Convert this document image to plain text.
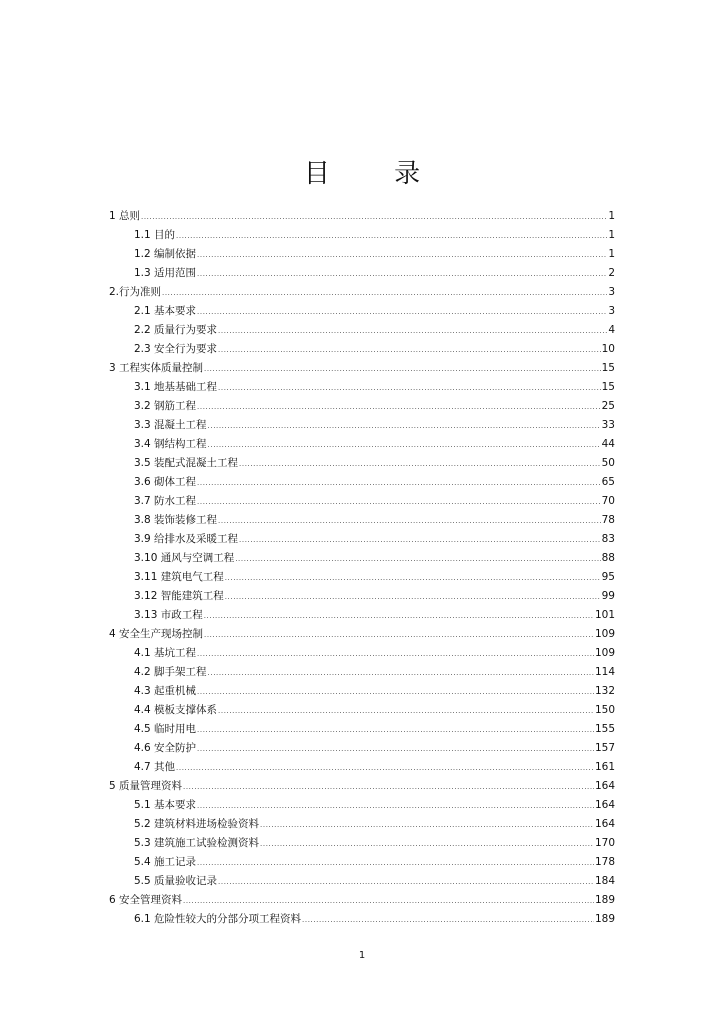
目 录
1 总则 .....	1
1.1 目的 .....	1
1.2 编制依据 .....	1
1.3 适用范围 .....	2
2.行为准则 .....	3
2.1 基本要求 .....	3
2.2 质量行为要求 .....	4
2.3 安全行为要求 .....	10
3 工程实体质量控制 .....	15
3.1 地基基础工程 .....	15
3.2 钢筋工程 .....	25
3.3 混凝土工程 .....	33
3.4 钢结构工程 .....	44
3.5 装配式混凝土工程 .....	50
3.6 砌体工程 .....	65
3.7 防水工程 .....	70
3.8 装饰装修工程 .....	78
3.9 给排水及采暖工程 .....	83
3.10 通风与空调工程 .....	88
3.11 建筑电气工程 .....	95
3.12 智能建筑工程 .....	99
3.13 市政工程 .....	101
4 安全生产现场控制 .....	109
4.1 基坑工程 .....	109
4.2 脚手架工程 .....	114
4.3 起重机械 .....	132
4.4 模板支撑体系 .....	150
4.5 临时用电 .....	155
4.6 安全防护 .....	157
4.7 其他 .....	161
5 质量管理资料 .....	164
5.1 基本要求 .....	164
5.2 建筑材料进场检验资料 .....	164
5.3 建筑施工试验检测资料 .....	170
5.4 施工记录 .....	178
5.5 质量验收记录 .....	184
6 安全管理资料 .....	189
6.1 危险性较大的分部分项工程资料 .....	189
1
